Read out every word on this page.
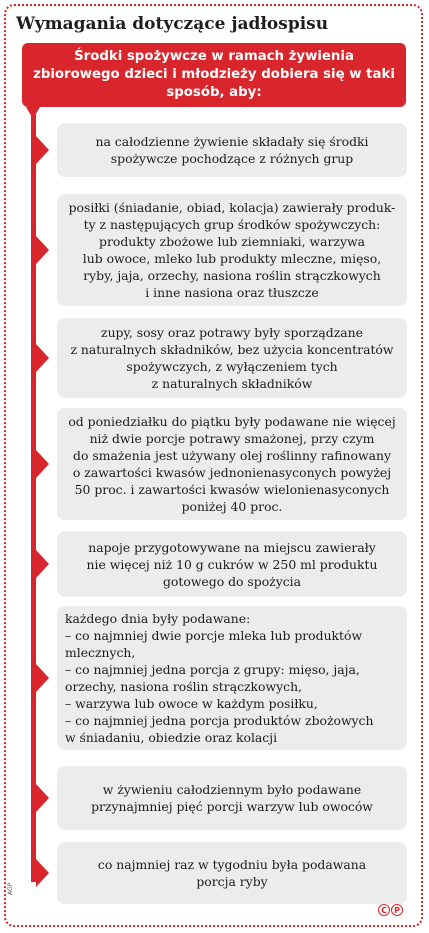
Wymagania dotyczące jadłospisu
Środki spożywcze w ramach żywienia zbiorowego dzieci i młodzieży dobiera się w taki sposób, aby:
na całodzienne żywienie składały się środki
spożywcze pochodzące z różnych grup
posiłki (śniadanie, obiad, kolacja) zawierały produk-
ty z następujących grup środków spożywczych:
produkty zbożowe lub ziemniaki, warzywa
lub owoce, mleko lub produkty mleczne, mięso,
ryby, jaja, orzechy, nasiona roślin strączkowych
i inne nasiona oraz tłuszcze
zupy, sosy oraz potrawy były sporządzane
z naturalnych składników, bez użycia koncentratów
spożywczych, z wyłączeniem tych
z naturalnych składników
od poniedziałku do piątku były podawane nie więcej
niż dwie porcje potrawy smażonej, przy czym
do smażenia jest używany olej roślinny rafinowany
o zawartości kwasów jednonienasyconych powyżej
50 proc. i zawartości kwasów wielonienasyconych
poniżej 40 proc.
napoje przygotowywane na miejscu zawierały
nie więcej niż 10 g cukrów w 250 ml produktu
gotowego do spożycia
każdego dnia były podawane:
– co najmniej dwie porcje mleka lub produktów
mlecznych,
– co najmniej jedna porcja z grupy: mięso, jaja,
orzechy, nasiona roślin strączkowych,
– warzywa lub owoce w każdym posiłku,
– co najmniej jedna porcja produktów zbożowych
w śniadaniu, obiedzie oraz kolacji
w żywieniu całodziennym było podawane
przynajmniej pięć porcji warzyw lub owoców
co najmniej raz w tygodniu była podawana
porcja ryby
AGP
C P
